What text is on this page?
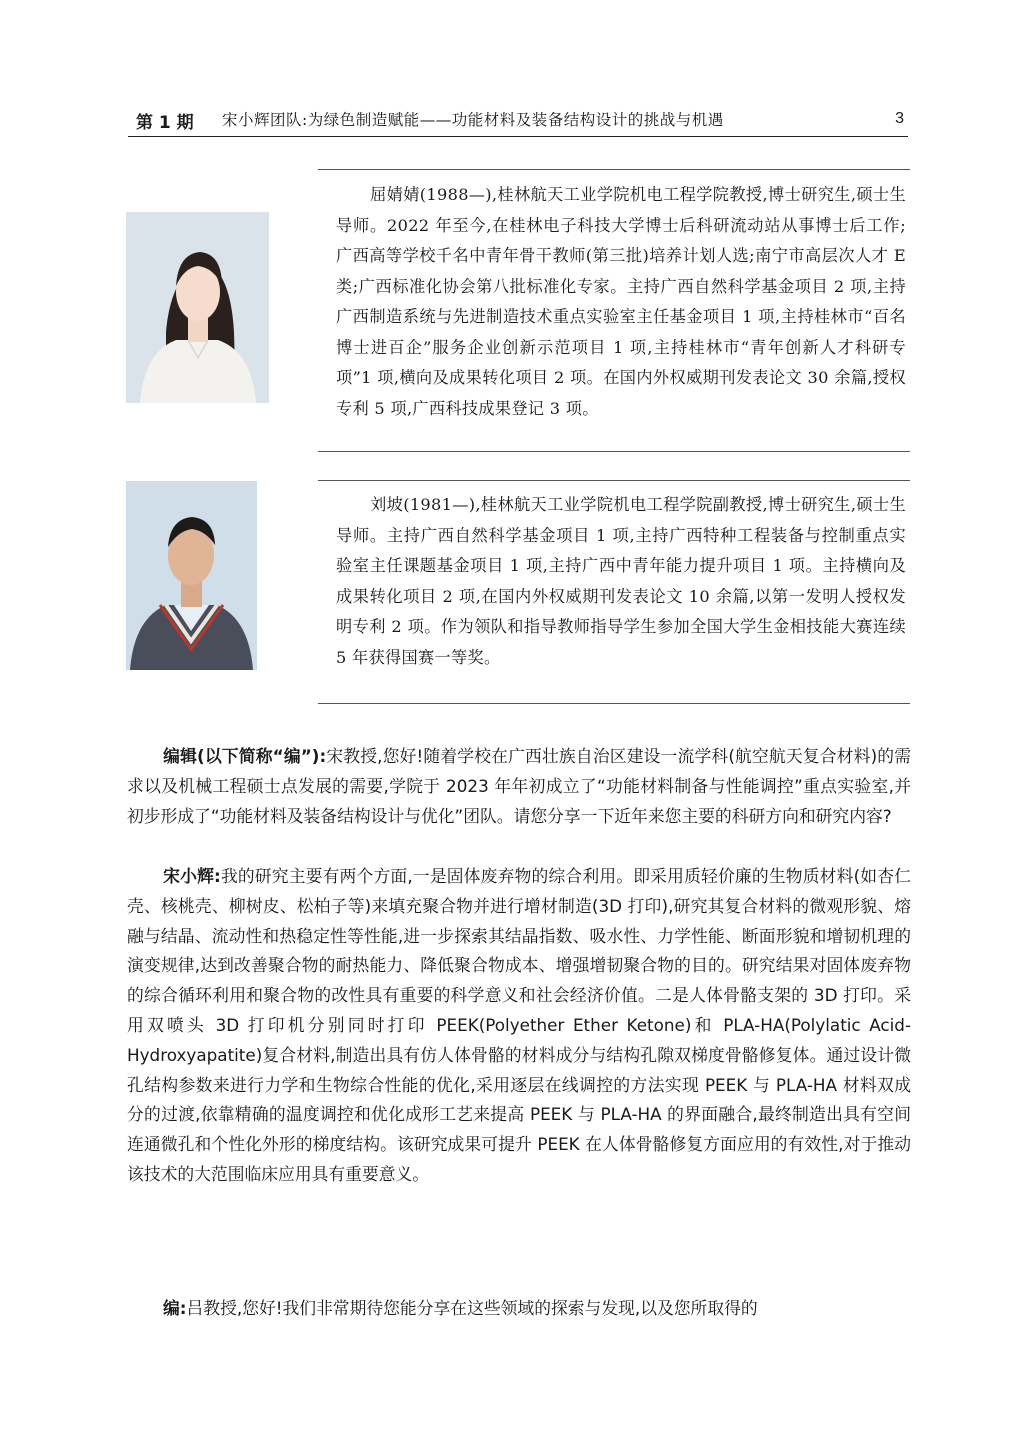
第 1 期 宋小辉团队:为绿色制造赋能——功能材料及装备结构设计的挑战与机遇	3
屈婧婧(1988—),桂林航天工业学院机电工程学院教授,博士研究生,硕士生导师。2022 年至今,在桂林电子科技大学博士后科研流动站从事博士后工作;广西高等学校千名中青年骨干教师(第三批)培养计划人选;南宁市高层次人才 E 类;广西标准化协会第八批标准化专家。主持广西自然科学基金项目 2 项,主持广西制造系统与先进制造技术重点实验室主任基金项目 1 项,主持桂林市“百名博士进百企”服务企业创新示范项目 1 项,主持桂林市“青年创新人才科研专项”1 项,横向及成果转化项目 2 项。在国内外权威期刊发表论文 30 余篇,授权专利 5 项,广西科技成果登记 3 项。
刘坡(1981—),桂林航天工业学院机电工程学院副教授,博士研究生,硕士生导师。主持广西自然科学基金项目 1 项,主持广西特种工程装备与控制重点实验室主任课题基金项目 1 项,主持广西中青年能力提升项目 1 项。主持横向及成果转化项目 2 项,在国内外权威期刊发表论文 10 余篇,以第一发明人授权发明专利 2 项。作为领队和指导教师指导学生参加全国大学生金相技能大赛连续5 年获得国赛一等奖。
编辑(以下简称“编”):宋教授,您好!随着学校在广西壮族自治区建设一流学科(航空航天复合材料)的需求以及机械工程硕士点发展的需要,学院于 2023 年年初成立了“功能材料制备与性能调控”重点实验室,并初步形成了“功能材料及装备结构设计与优化”团队。请您分享一下近年来您主要的科研方向和研究内容?
宋小辉:我的研究主要有两个方面,一是固体废弃物的综合利用。即采用质轻价廉的生物质材料(如杏仁壳、核桃壳、柳树皮、松柏子等)来填充聚合物并进行增材制造(3D 打印),研究其复合材料的微观形貌、熔融与结晶、流动性和热稳定性等性能,进一步探索其结晶指数、吸水性、力学性能、断面形貌和增韧机理的演变规律,达到改善聚合物的耐热能力、降低聚合物成本、增强增韧聚合物的目的。研究结果对固体废弃物的综合循环利用和聚合物的改性具有重要的科学意义和社会经济价值。二是人体骨骼支架的 3D 打印。采用双喷头 3D 打印机分别同时打印 PEEK(Polyether Ether Ketone)和 PLA-HA(Polylatic Acid-Hydroxyapatite)复合材料,制造出具有仿人体骨骼的材料成分与结构孔隙双梯度骨骼修复体。通过设计微孔结构参数来进行力学和生物综合性能的优化,采用逐层在线调控的方法实现 PEEK 与 PLA-HA 材料双成分的过渡,依靠精确的温度调控和优化成形工艺来提高 PEEK 与 PLA-HA 的界面融合,最终制造出具有空间连通微孔和个性化外形的梯度结构。该研究成果可提升 PEEK 在人体骨骼修复方面应用的有效性,对于推动该技术的大范围临床应用具有重要意义。
编:吕教授,您好!我们非常期待您能分享在这些领域的探索与发现,以及您所取得的
